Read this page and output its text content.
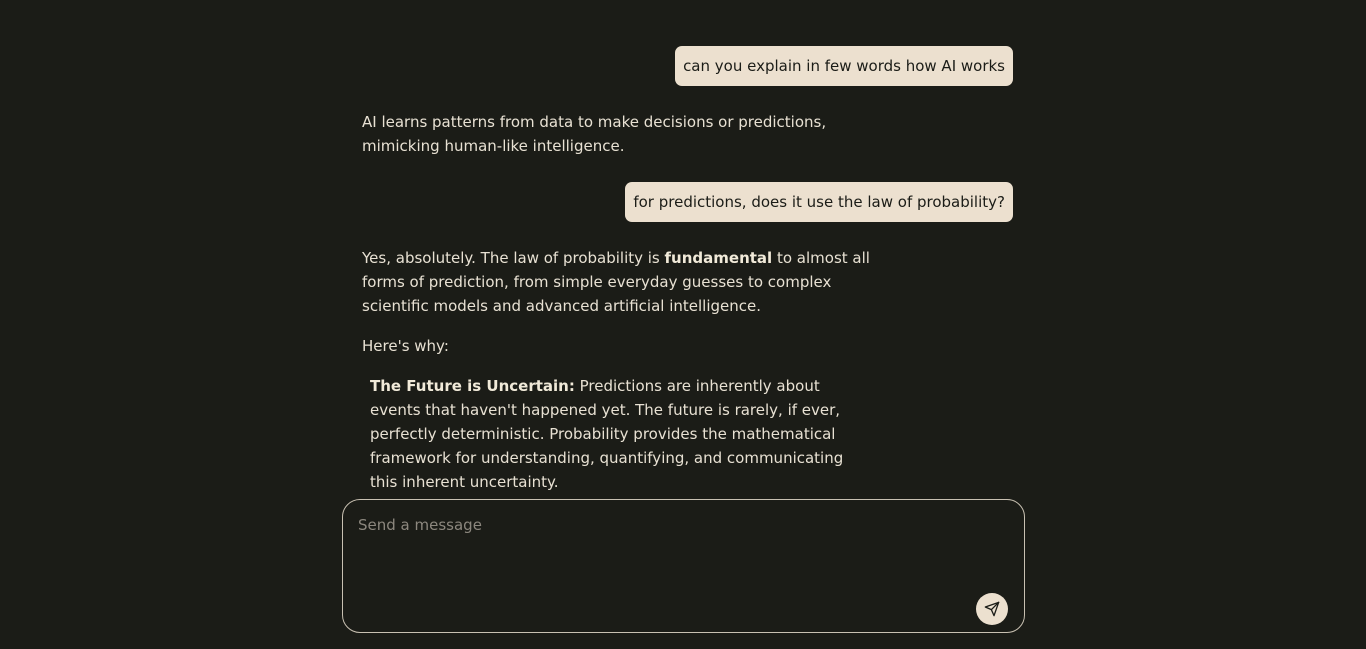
can you explain in few words how AI works
AI learns patterns from data to make decisions or predictions, mimicking human-like intelligence.
for predictions, does it use the law of probability?
Yes, absolutely. The law of probability is fundamental to almost all forms of prediction, from simple everyday guesses to complex scientific models and advanced artificial intelligence.
Here's why:
The Future is Uncertain: Predictions are inherently about events that haven't happened yet. The future is rarely, if ever, perfectly deterministic. Probability provides the mathematical framework for understanding, quantifying, and communicating this inherent uncertainty.
Send a message
